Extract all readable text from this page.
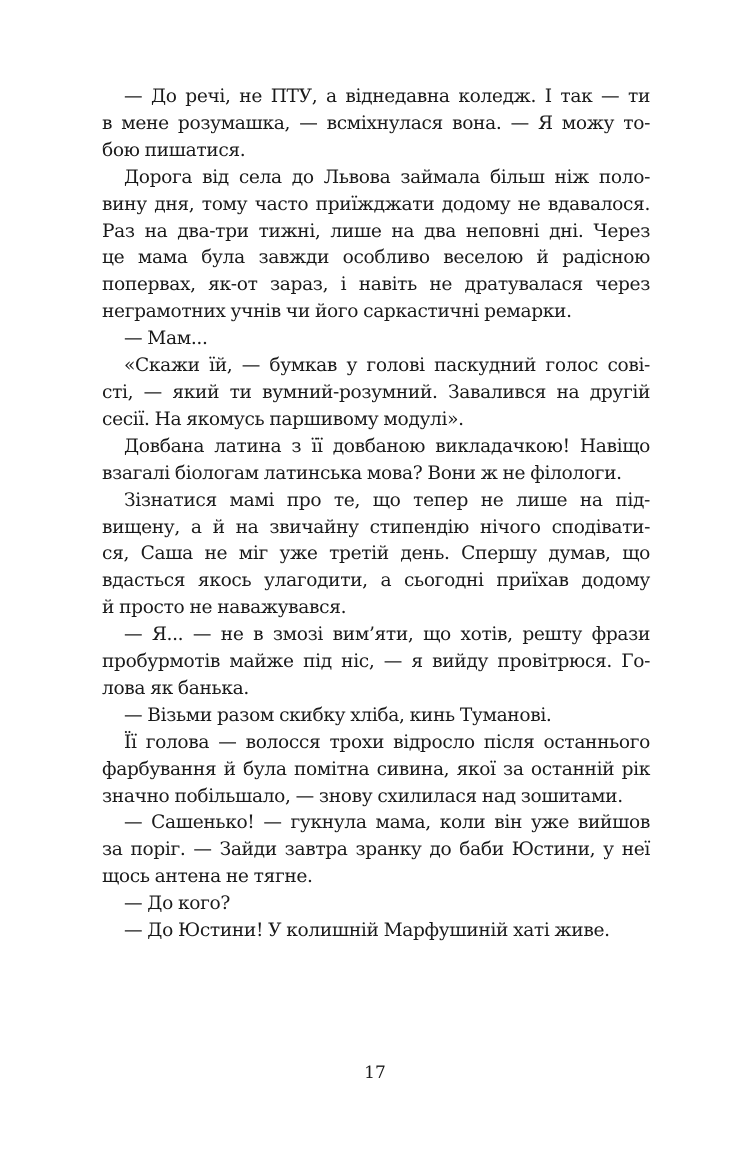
— До речі, не ПТУ, а віднедавна коледж. І так — ти
в мене розумашка, — всміхнулася вона. — Я можу то-
бою пишатися.
Дорога від села до Львова займала більш ніж поло-
вину дня, тому часто приїжджати додому не вдавалося.
Раз на два-три тижні, лише на два неповні дні. Через
це мама була завжди особливо веселою й радісною
попервах, як-от зараз, і навіть не дратувалася через
неграмотних учнів чи його саркастичні ремарки.
— Мам...
«Скажи їй, — бумкав у голові паскудний голос сові-
сті, — який ти вумний-розумний. Завалився на другій
сесії. На якомусь паршивому модулі».
Довбана латина з її довбаною викладачкою! Навіщо
взагалі біологам латинська мова? Вони ж не філологи.
Зізнатися мамі про те, що тепер не лише на під-
вищену, а й на звичайну стипендію нічого сподівати-
ся, Саша не міг уже третій день. Спершу думав, що
вдасться якось улагодити, а сьогодні приїхав додому
й просто не наважувався.
— Я... — не в змозі вим’яти, що хотів, решту фрази
пробурмотів майже під ніс, — я вийду провітрюся. Го-
лова як банька.
— Візьми разом скибку хліба, кинь Туманові.
Її голова — волосся трохи відросло після останнього
фарбування й була помітна сивина, якої за останній рік
значно побільшало, — знову схилилася над зошитами.
— Сашенько! — гукнула мама, коли він уже вийшов
за поріг. — Зайди завтра зранку до баби Юстини, у неї
щось антена не тягне.
— До кого?
— До Юстини! У колишній Марфушиній хаті живе.
17
